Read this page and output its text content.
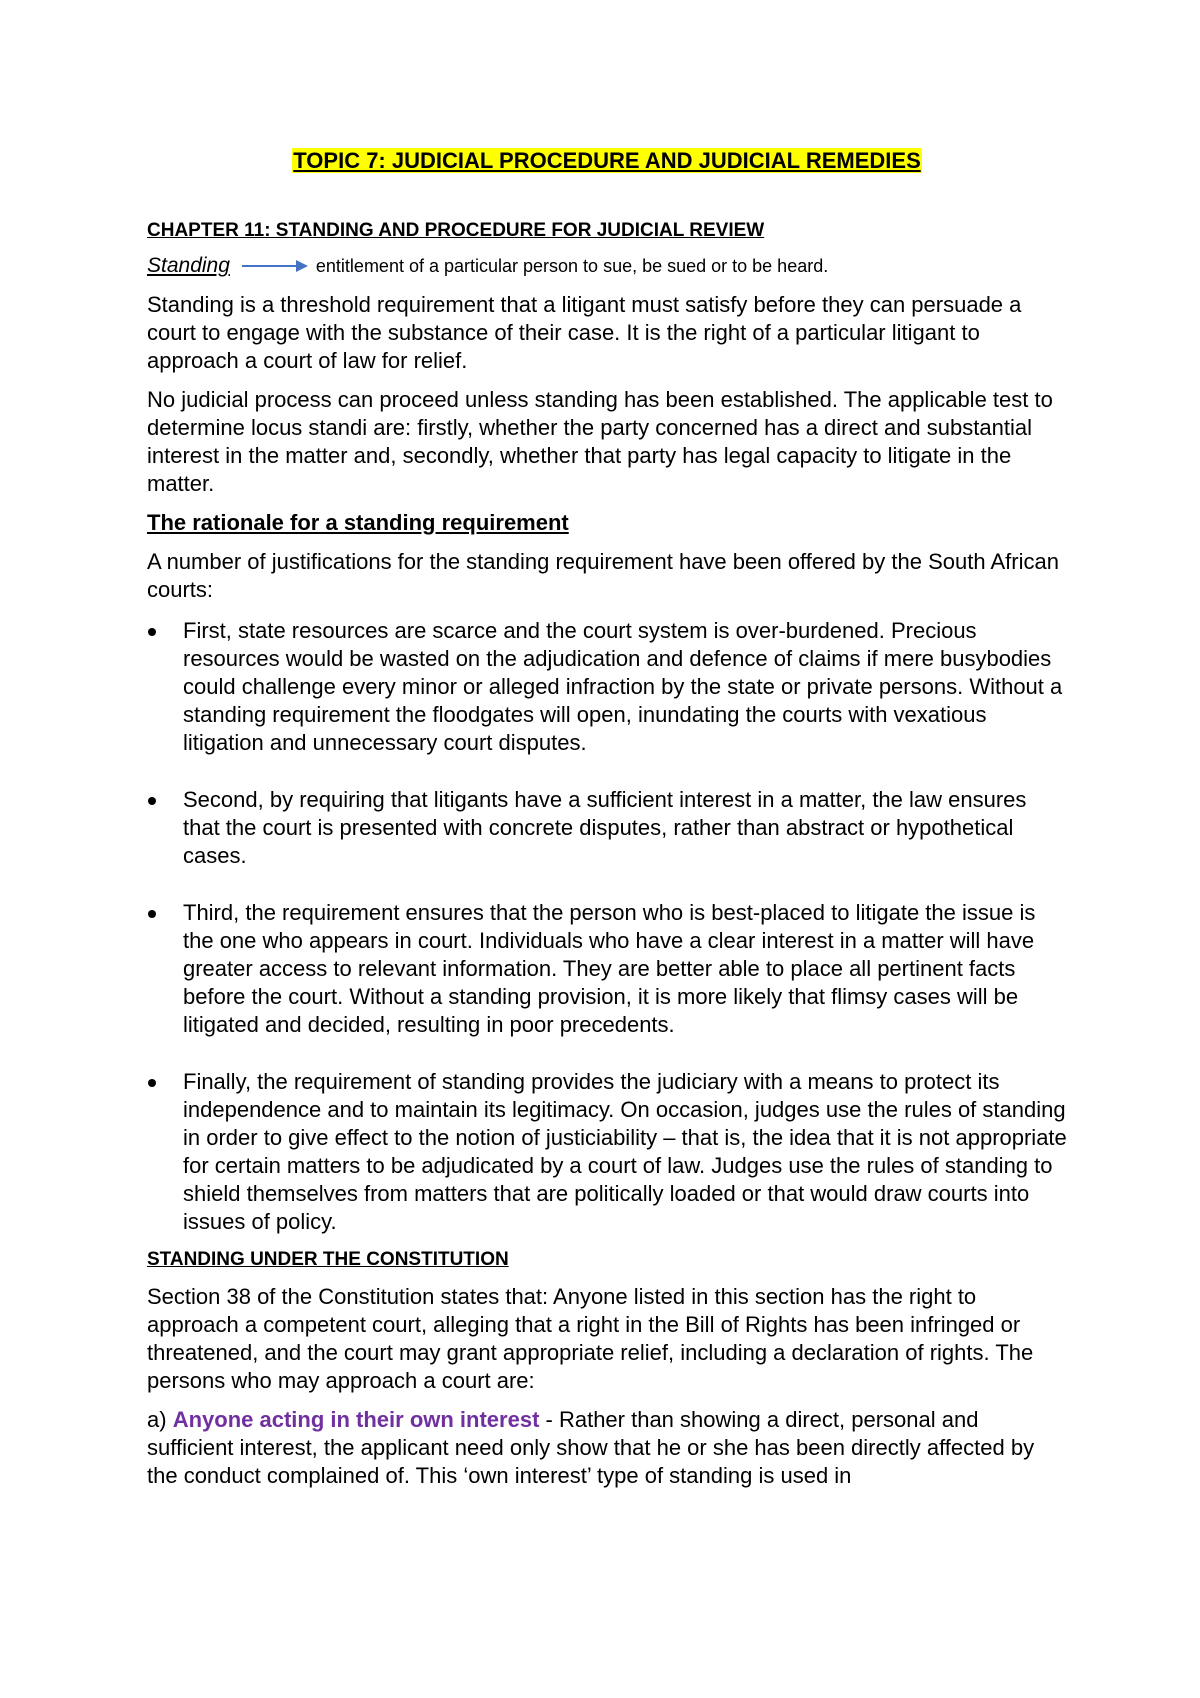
TOPIC 7: JUDICIAL PROCEDURE AND JUDICIAL REMEDIES
CHAPTER 11: STANDING AND PROCEDURE FOR JUDICIAL REVIEW
Standing	entitlement of a particular person to sue, be sued or to be heard.

Standing is a threshold requirement that a litigant must satisfy before they can persuade a court to engage with the substance of their case. It is the right of a particular litigant to approach a court of law for relief.

No judicial process can proceed unless standing has been established. The applicable test to determine locus standi are: firstly, whether the party concerned has a direct and substantial interest in the matter and, secondly, whether that party has legal capacity to litigate in the matter.

The rationale for a standing requirement

A number of justifications for the standing requirement have been offered by the South African courts:

First, state resources are scarce and the court system is over-burdened. Precious resources would be wasted on the adjudication and defence of claims if mere busybodies could challenge every minor or alleged infraction by the state or private persons. Without a standing requirement the floodgates will open, inundating the courts with vexatious litigation and unnecessary court disputes.
Second, by requiring that litigants have a sufficient interest in a matter, the law ensures that the court is presented with concrete disputes, rather than abstract or hypothetical cases.
Third, the requirement ensures that the person who is best-placed to litigate the issue is the one who appears in court. Individuals who have a clear interest in a matter will have greater access to relevant information. They are better able to place all pertinent facts before the court. Without a standing provision, it is more likely that flimsy cases will be litigated and decided, resulting in poor precedents.
Finally, the requirement of standing provides the judiciary with a means to protect its independence and to maintain its legitimacy. On occasion, judges use the rules of standing in order to give effect to the notion of justiciability – that is, the idea that it is not appropriate for certain matters to be adjudicated by a court of law. Judges use the rules of standing to shield themselves from matters that are politically loaded or that would draw courts into issues of policy.
STANDING UNDER THE CONSTITUTION

Section 38 of the Constitution states that: Anyone listed in this section has the right to approach a competent court, alleging that a right in the Bill of Rights has been infringed or threatened, and the court may grant appropriate relief, including a declaration of rights. The persons who may approach a court are:

a) Anyone acting in their own interest - Rather than showing a direct, personal and sufficient interest, the applicant need only show that he or she has been directly affected by the conduct complained of. This ‘own interest’ type of standing is used in
